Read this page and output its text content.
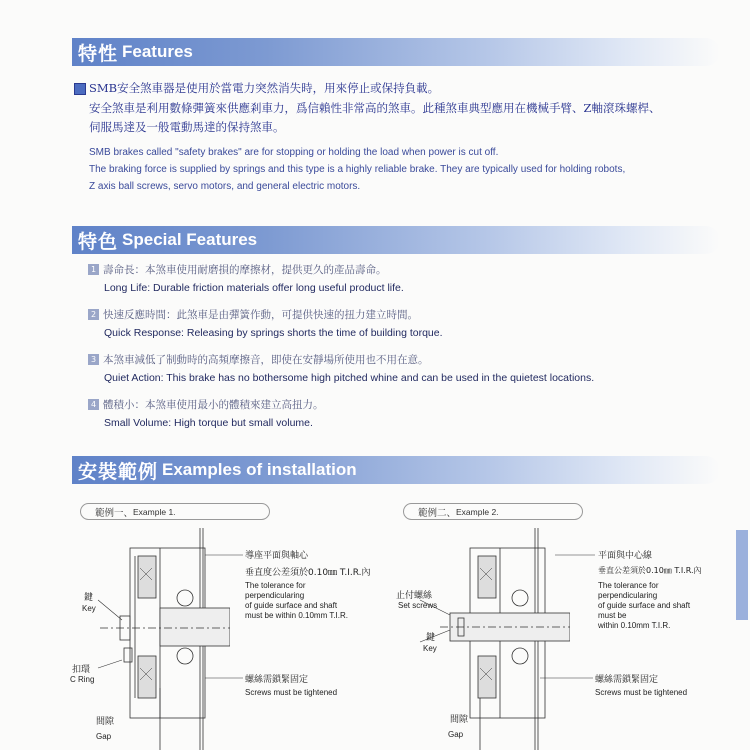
特性 Features
SMB安全煞車器是使用於當電力突然消失時，用來停止或保持負載。
安全煞車是利用數條彈簧來供應剎車力，爲信賴性非常高的煞車。此種煞車典型應用在機械手臂、Z軸滾珠螺桿、
伺服馬達及一般電動馬達的保持煞車。
SMB brakes called "safety brakes" are for stopping or holding the load when power is cut off.
The braking force is supplied by springs and this type is a highly reliable brake. They are typically used for holding robots,
Z axis ball screws, servo motors, and general electric motors.
特色 Special Features
1 壽命長：本煞車使用耐磨損的摩擦材，提供更久的產品壽命。
Long Life: Durable friction materials offer long useful product life.
2 快速反應時間：此煞車是由彈簧作動，可提供快速的扭力建立時間。
Quick Response: Releasing by springs shorts the time of building torque.
3 本煞車減低了制動時的高頻摩擦音，即使在安靜場所使用也不用在意。
Quiet Action: This brake has no bothersome high pitched whine and can be used in the quietest locations.
4 體積小：本煞車使用最小的體積來建立高扭力。
Small Volume: High torque but small volume.
安裝範例 Examples of installation
範例一、 Example 1.	範例二、 Example 2.
導座平面與軸心
垂直度公差須於0.10㎜ T.I.R.內
The tolerance for
perpendicularing
of guide surface and shaft
must be within 0.10mm T.I.R.
螺絲需鎖緊固定
Screws must be tightened
鍵
Key
扣環
C Ring
間隙
Gap
平面與中心線
垂直公差須於0.10㎜ T.I.R.內
The tolerance for
perpendicularing
of guide surface and shaft
must be
within 0.10mm T.I.R.
螺絲需鎖緊固定
Screws must be tightened
止付螺絲
Set screws
鍵
Key
間隙
Gap
